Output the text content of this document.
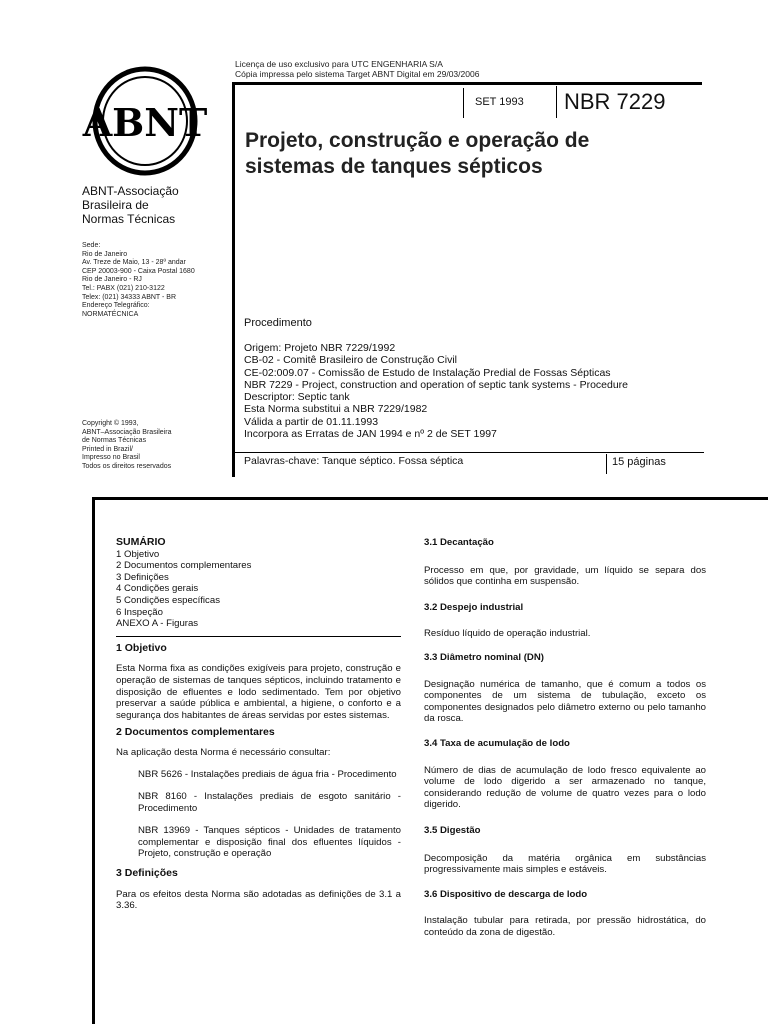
Licença de uso exclusivo para UTC ENGENHARIA S/A
Cópia impressa pelo sistema Target ABNT Digital em 29/03/2006
ABNT
ABNT-Associação
Brasileira de
Normas Técnicas
Sede:
Rio de Janeiro
Av. Treze de Maio, 13 - 28º andar
CEP 20003-900 - Caixa Postal 1680
Rio de Janeiro - RJ
Tel.: PABX (021) 210-3122
Telex: (021) 34333 ABNT - BR
Endereço Telegráfico:
NORMATÉCNICA
Copyright © 1993,
ABNT–Associação Brasileira
de Normas Técnicas
Printed in Brazil/
Impresso no Brasil
Todos os direitos reservados
SET 1993 NBR 7229
Projeto, construção e operação de
sistemas de tanques sépticos
Procedimento
Origem: Projeto NBR 7229/1992
CB-02 - Comitê Brasileiro de Construção Civil
CE-02:009.07 - Comissão de Estudo de Instalação Predial de Fossas Sépticas
NBR 7229 - Project, construction and operation of septic tank systems - Procedure
Descriptor: Septic tank
Esta Norma substitui a NBR 7229/1982
Válida a partir de 01.11.1993
Incorpora as Erratas de JAN 1994 e nº 2 de SET 1997
Palavras-chave: Tanque séptico. Fossa séptica	15 páginas
SUMÁRIO
1 Objetivo
2 Documentos complementares
3 Definições
4 Condições gerais
5 Condições específicas
6 Inspeção
ANEXO A - Figuras
1 Objetivo

Esta Norma fixa as condições exigíveis para projeto, construção e operação de sistemas de tanques sépticos, incluindo tratamento e disposição de efluentes e lodo sedimentado. Tem por objetivo preservar a saúde pública e ambiental, a higiene, o conforto e a segurança dos habitantes de áreas servidas por estes sistemas.

2 Documentos complementares

Na aplicação desta Norma é necessário consultar:

NBR 5626 - Instalações prediais de água fria - Procedimento

NBR 8160 - Instalações prediais de esgoto sanitário - Procedimento

NBR 13969 - Tanques sépticos - Unidades de tratamento complementar e disposição final dos efluentes líquidos - Projeto, construção e operação

3 Definições

Para os efeitos desta Norma são adotadas as definições de 3.1 a 3.36.

3.1 Decantação

Processo em que, por gravidade, um líquido se separa dos sólidos que continha em suspensão.

3.2 Despejo industrial

Resíduo líquido de operação industrial.

3.3 Diâmetro nominal (DN)

Designação numérica de tamanho, que é comum a todos os componentes de um sistema de tubulação, exceto os componentes designados pelo diâmetro externo ou pelo tamanho da rosca.

3.4 Taxa de acumulação de lodo

Número de dias de acumulação de lodo fresco equivalente ao volume de lodo digerido a ser armazenado no tanque, considerando redução de volume de quatro vezes para o lodo digerido.

3.5 Digestão

Decomposição da matéria orgânica em substâncias progressivamente mais simples e estáveis.

3.6 Dispositivo de descarga de lodo

Instalação tubular para retirada, por pressão hidrostática, do conteúdo da zona de digestão.
